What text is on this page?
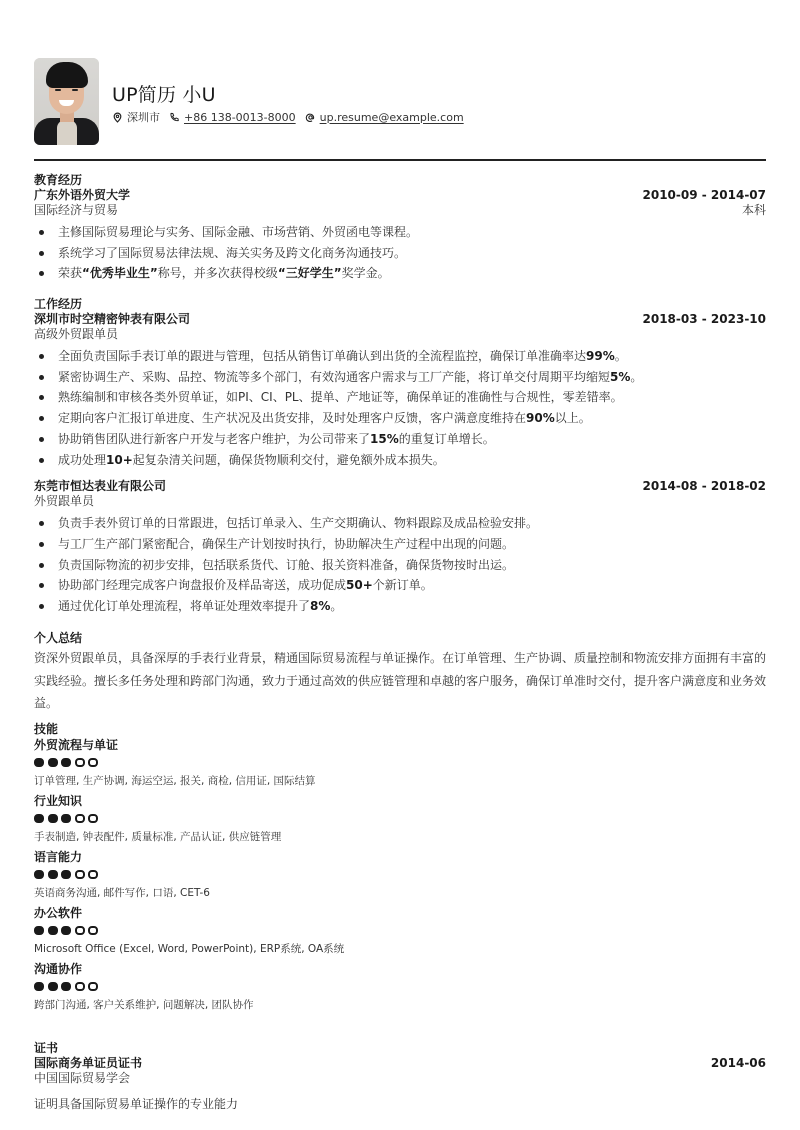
UP简历 小U
深圳市 +86 138-0013-8000 up.resume@example.com
教育经历
广东外语外贸大学	2010-09 - 2014-07
国际经济与贸易	本科
主修国际贸易理论与实务、国际金融、市场营销、外贸函电等课程。
系统学习了国际贸易法律法规、海关实务及跨文化商务沟通技巧。
荣获“优秀毕业生”称号，并多次获得校级“三好学生”奖学金。
工作经历
深圳市时空精密钟表有限公司	2018-03 - 2023-10
高级外贸跟单员
全面负责国际手表订单的跟进与管理，包括从销售订单确认到出货的全流程监控，确保订单准确率达99%。
紧密协调生产、采购、品控、物流等多个部门，有效沟通客户需求与工厂产能，将订单交付周期平均缩短5%。
熟练编制和审核各类外贸单证，如PI、CI、PL、提单、产地证等，确保单证的准确性与合规性，零差错率。
定期向客户汇报订单进度、生产状况及出货安排，及时处理客户反馈，客户满意度维持在90%以上。
协助销售团队进行新客户开发与老客户维护，为公司带来了15%的重复订单增长。
成功处理10+起复杂清关问题，确保货物顺利交付，避免额外成本损失。
东莞市恒达表业有限公司	2014-08 - 2018-02
外贸跟单员
负责手表外贸订单的日常跟进，包括订单录入、生产交期确认、物料跟踪及成品检验安排。
与工厂生产部门紧密配合，确保生产计划按时执行，协助解决生产过程中出现的问题。
负责国际物流的初步安排，包括联系货代、订舱、报关资料准备，确保货物按时出运。
协助部门经理完成客户询盘报价及样品寄送，成功促成50+个新订单。
通过优化订单处理流程，将单证处理效率提升了8%。
个人总结
资深外贸跟单员，具备深厚的手表行业背景，精通国际贸易流程与单证操作。在订单管理、生产协调、质量控制和物流安排方面拥有丰富的实践经验。擅长多任务处理和跨部门沟通，致力于通过高效的供应链管理和卓越的客户服务，确保订单准时交付，提升客户满意度和业务效益。
技能
外贸流程与单证
订单管理, 生产协调, 海运空运, 报关, 商检, 信用证, 国际结算
行业知识
手表制造, 钟表配件, 质量标准, 产品认证, 供应链管理
语言能力
英语商务沟通, 邮件写作, 口语, CET-6
办公软件
Microsoft Office (Excel, Word, PowerPoint), ERP系统, OA系统
沟通协作
跨部门沟通, 客户关系维护, 问题解决, 团队协作
证书
国际商务单证员证书	2014-06
中国国际贸易学会
证明具备国际贸易单证操作的专业能力
